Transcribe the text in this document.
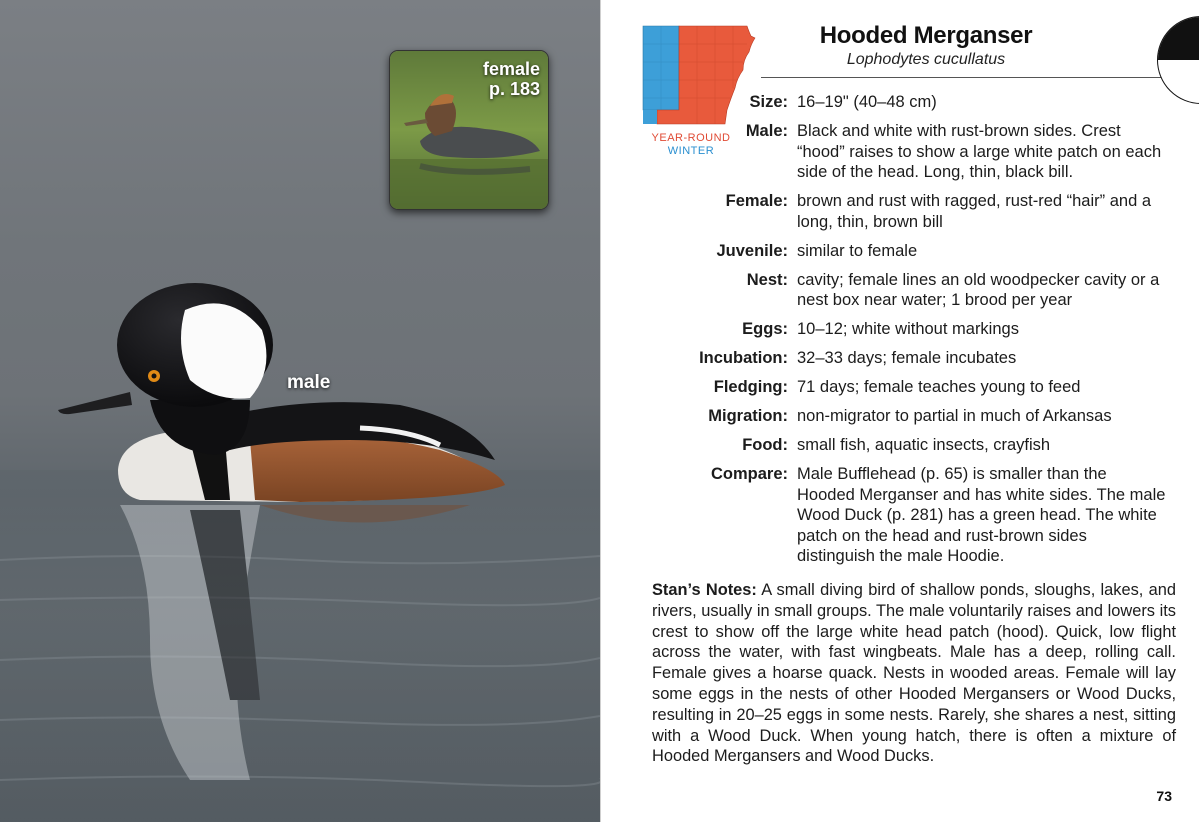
male
female
p. 183
YEAR-ROUND
WINTER
Hooded Merganser
Lophodytes cucullatus
Size: 16–19" (40–48 cm)
Male: Black and white with rust-brown sides. Crest “hood” raises to show a large white patch on each side of the head. Long, thin, black bill.
Female: brown and rust with ragged, rust-red “hair” and a long, thin, brown bill
Juvenile: similar to female
Nest: cavity; female lines an old woodpecker cavity or a nest box near water; 1 brood per year
Eggs: 10–12; white without markings
Incubation: 32–33 days; female incubates
Fledging: 71 days; female teaches young to feed
Migration: non-migrator to partial in much of Arkansas
Food: small fish, aquatic insects, crayfish
Compare: Male Bufflehead (p. 65) is smaller than the Hooded Merganser and has white sides. The male Wood Duck (p. 281) has a green head. The white patch on the head and rust-brown sides distinguish the male Hoodie.
Stan’s Notes: A small diving bird of shallow ponds, sloughs, lakes, and rivers, usually in small groups. The male voluntarily raises and lowers its crest to show off the large white head patch (hood). Quick, low flight across the water, with fast wingbeats. Male has a deep, rolling call. Female gives a hoarse quack. Nests in wooded areas. Female will lay some eggs in the nests of other Hooded Mergansers or Wood Ducks, resulting in 20–25 eggs in some nests. Rarely, she shares a nest, sitting with a Wood Duck. When young hatch, there is often a mixture of Hooded Mergansers and Wood Ducks.
73
